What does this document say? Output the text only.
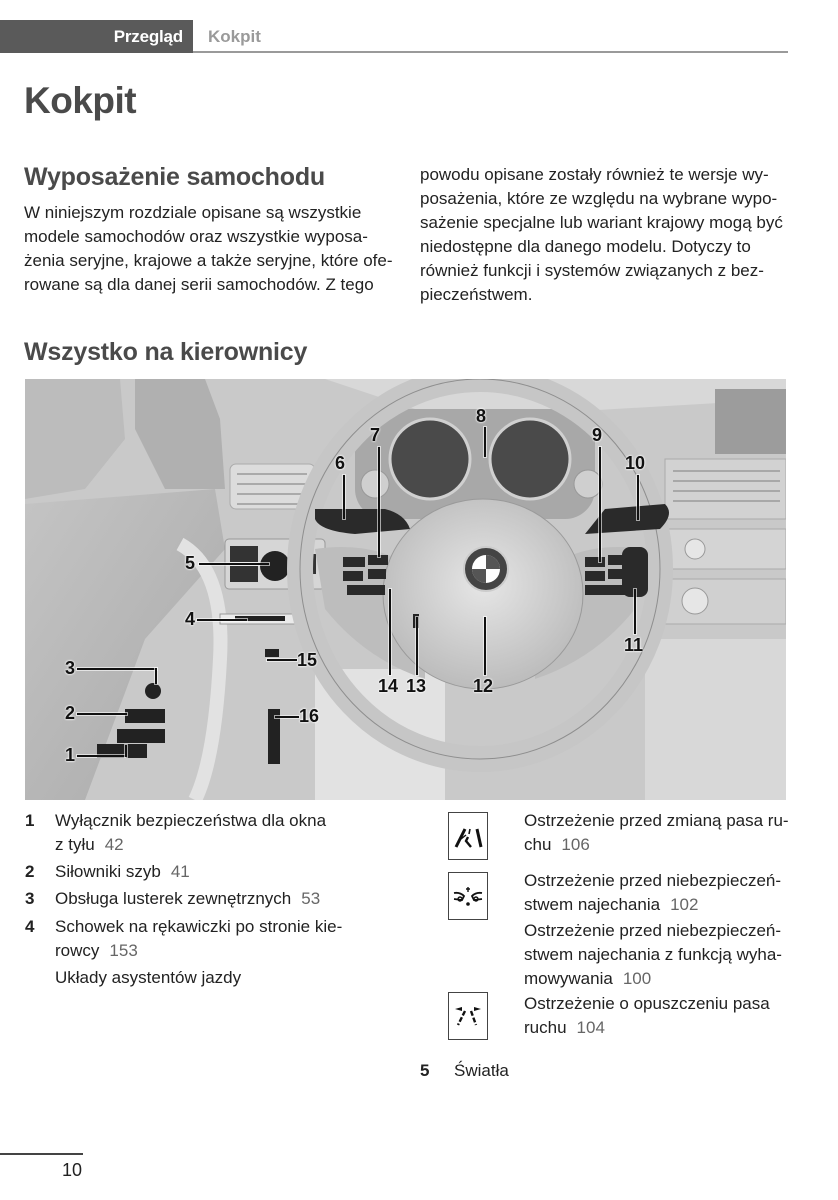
Przegląd Kokpit
Kokpit
Wyposażenie samochodu
W niniejszym rozdziale opisane są wszystkie
modele samochodów oraz wszystkie wyposa-
żenia seryjne, krajowe a także seryjne, które ofe-
rowane są dla danej serii samochodów. Z tego
powodu opisane zostały również te wersje wy-
posażenia, które ze względu na wybrane wypo-
sażenie specjalne lub wariant krajowy mogą być
niedostępne dla danego modelu. Dotyczy to
również funkcji i systemów związanych z bez-
pieczeństwem.
Wszystko na kierownicy
1
2
3
4
5
6
7
8
9
10
11
12
13
14
15
16
1	Wyłącznik bezpieczeństwa dla okna
z tyłu 42
2	Siłowniki szyb 41
3	Obsługa lusterek zewnętrznych 53
4	Schowek na rękawiczki po stronie kie-
rowcy 153
Układy asystentów jazdy
Ostrzeżenie przed zmianą pasa ru-
chu 106
Ostrzeżenie przed niebezpieczeń-
stwem najechania 102
Ostrzeżenie przed niebezpieczeń-
stwem najechania z funkcją wyha-
mowywania 100
Ostrzeżenie o opuszczeniu pasa
ruchu 104
5	Światła
10
